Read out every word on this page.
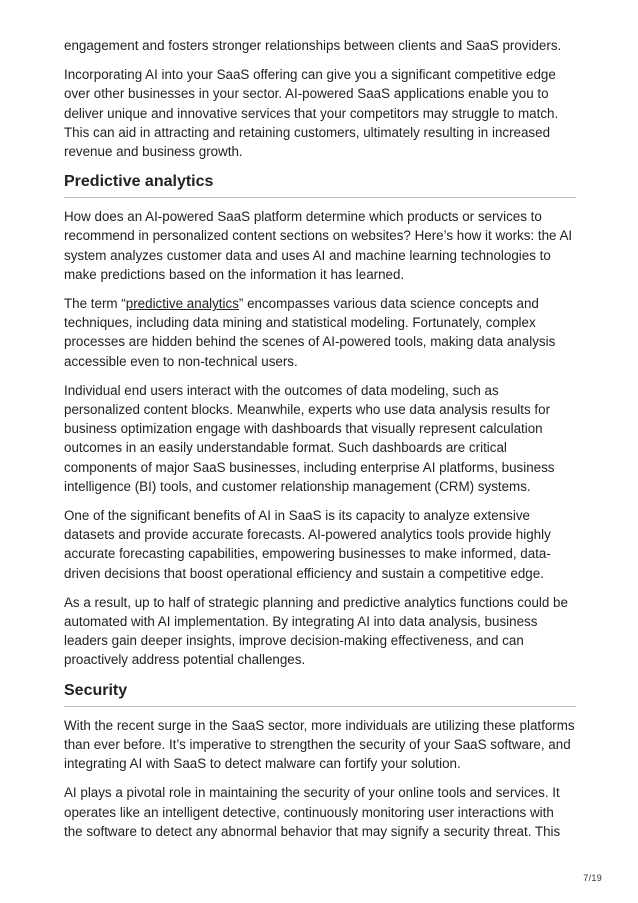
engagement and fosters stronger relationships between clients and SaaS providers.

Incorporating AI into your SaaS offering can give you a significant competitive edge over other businesses in your sector. AI-powered SaaS applications enable you to deliver unique and innovative services that your competitors may struggle to match. This can aid in attracting and retaining customers, ultimately resulting in increased revenue and business growth.

Predictive analytics

How does an AI-powered SaaS platform determine which products or services to recommend in personalized content sections on websites? Here’s how it works: the AI system analyzes customer data and uses AI and machine learning technologies to make predictions based on the information it has learned.

The term “predictive analytics” encompasses various data science concepts and techniques, including data mining and statistical modeling. Fortunately, complex processes are hidden behind the scenes of AI-powered tools, making data analysis accessible even to non-technical users.

Individual end users interact with the outcomes of data modeling, such as personalized content blocks. Meanwhile, experts who use data analysis results for business optimization engage with dashboards that visually represent calculation outcomes in an easily understandable format. Such dashboards are critical components of major SaaS businesses, including enterprise AI platforms, business intelligence (BI) tools, and customer relationship management (CRM) systems.

One of the significant benefits of AI in SaaS is its capacity to analyze extensive datasets and provide accurate forecasts. AI-powered analytics tools provide highly accurate forecasting capabilities, empowering businesses to make informed, data-driven decisions that boost operational efficiency and sustain a competitive edge.

As a result, up to half of strategic planning and predictive analytics functions could be automated with AI implementation. By integrating AI into data analysis, business leaders gain deeper insights, improve decision-making effectiveness, and can proactively address potential challenges.

Security

With the recent surge in the SaaS sector, more individuals are utilizing these platforms than ever before. It’s imperative to strengthen the security of your SaaS software, and integrating AI with SaaS to detect malware can fortify your solution.

AI plays a pivotal role in maintaining the security of your online tools and services. It operates like an intelligent detective, continuously monitoring user interactions with the software to detect any abnormal behavior that may signify a security threat. This

7/19
